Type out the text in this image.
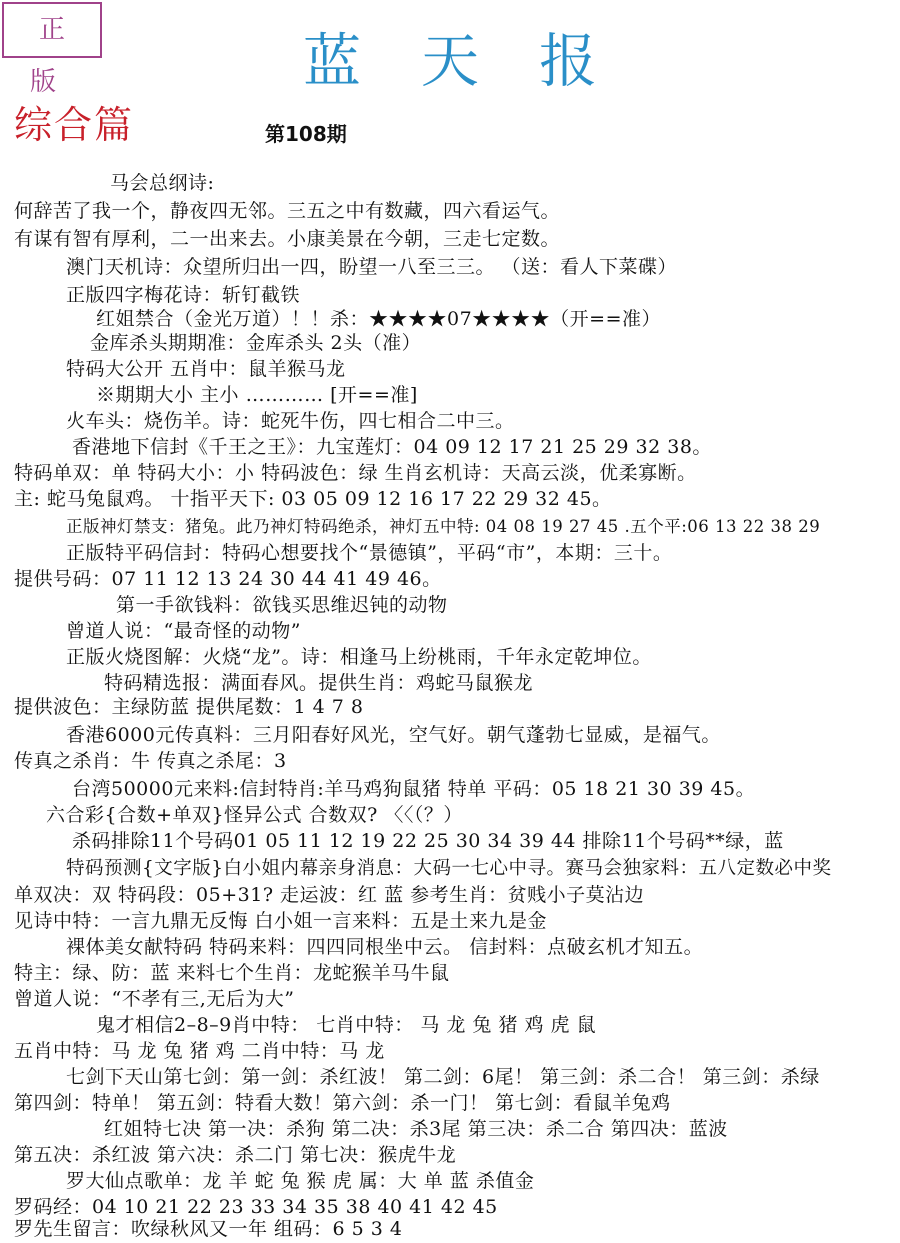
正 版	蓝天报
综合篇	第108期
马会总纲诗:
何辞苦了我一个，静夜四无邻。三五之中有数藏，四六看运气。
有谋有智有厚利，二一出来去。小康美景在今朝，三走七定数。
澳门天机诗：众望所归出一四，盼望一八至三三。 （送：看人下菜碟）
正版四字梅花诗：斩钉截铁
红姐禁合（金光万道）！！杀：★★★★07★★★★（开==准）
金库杀头期期准：金库杀头 2头（准）
特码大公开 五肖中：鼠羊猴马龙
※期期大小 主小 ………… [开==准]
火车头：烧伤羊。诗：蛇死牛伤，四七相合二中三。
香港地下信封《千王之王》：九宝莲灯：04 09 12 17 21 25 29 32 38。
特码单双：单 特码大小：小 特码波色：绿 生肖玄机诗：天高云淡，优柔寡断。
主: 蛇马兔鼠鸡。 十指平天下: 03 05 09 12 16 17 22 29 32 45。
正版神灯禁支：猪兔。此乃神灯特码绝杀，神灯五中特: 04 08 19 27 45 .五个平:06 13 22 38 29
正版特平码信封：特码心想要找个“景德镇”，平码“市”，本期：三十。
提供号码：07 11 12 13 24 30 44 41 49 46。
第一手欲钱料：欲钱买思维迟钝的动物
曾道人说：“最奇怪的动物”
正版火烧图解：火烧“龙”。诗：相逢马上纷桃雨，千年永定乾坤位。
特码精选报：满面春风。提供生肖：鸡蛇马鼠猴龙
提供波色：主绿防蓝 提供尾数：1 4 7 8
香港6000元传真料：三月阳春好风光，空气好。朝气蓬勃七显威，是福气。
传真之杀肖：牛 传真之杀尾：3
台湾50000元来料:信封特肖:羊马鸡狗鼠猪 特单 平码：05 18 21 30 39 45。
六合彩{合数+单双}怪异公式 合数双? 〈〈（？）
杀码排除11个号码01 05 11 12 19 22 25 30 34 39 44 排除11个号码**绿，蓝
特码预测{文字版}白小姐内幕亲身消息：大码一七心中寻。赛马会独家料：五八定数必中奖
单双决：双 特码段：05+31? 走运波：红 蓝 参考生肖：贫贱小子莫沾边
见诗中特：一言九鼎无反悔 白小姐一言来料：五是土来九是金
裸体美女献特码 特码来料：四四同根坐中云。 信封料：点破玄机才知五。
特主：绿、防：蓝 来料七个生肖：龙蛇猴羊马牛鼠
曾道人说：“不孝有三,无后为大”
鬼才相信2–8–9肖中特： 七肖中特： 马 龙 兔 猪 鸡 虎 鼠
五肖中特：马 龙 兔 猪 鸡 二肖中特：马 龙
七剑下天山第七剑：第一剑：杀红波！ 第二剑：6尾！ 第三剑：杀二合！ 第三剑：杀绿
第四剑：特单！ 第五剑：特看大数！第六剑：杀一门！ 第七剑：看鼠羊兔鸡
红姐特七决 第一决：杀狗 第二决：杀3尾 第三决：杀二合 第四决：蓝波
第五决：杀红波 第六决：杀二门 第七决：猴虎牛龙
罗大仙点歌单：龙 羊 蛇 兔 猴 虎 属：大 单 蓝 杀值金
罗码经：04 10 21 22 23 33 34 35 38 40 41 42 45
罗先生留言：吹绿秋风又一年 组码：6 5 3 4
